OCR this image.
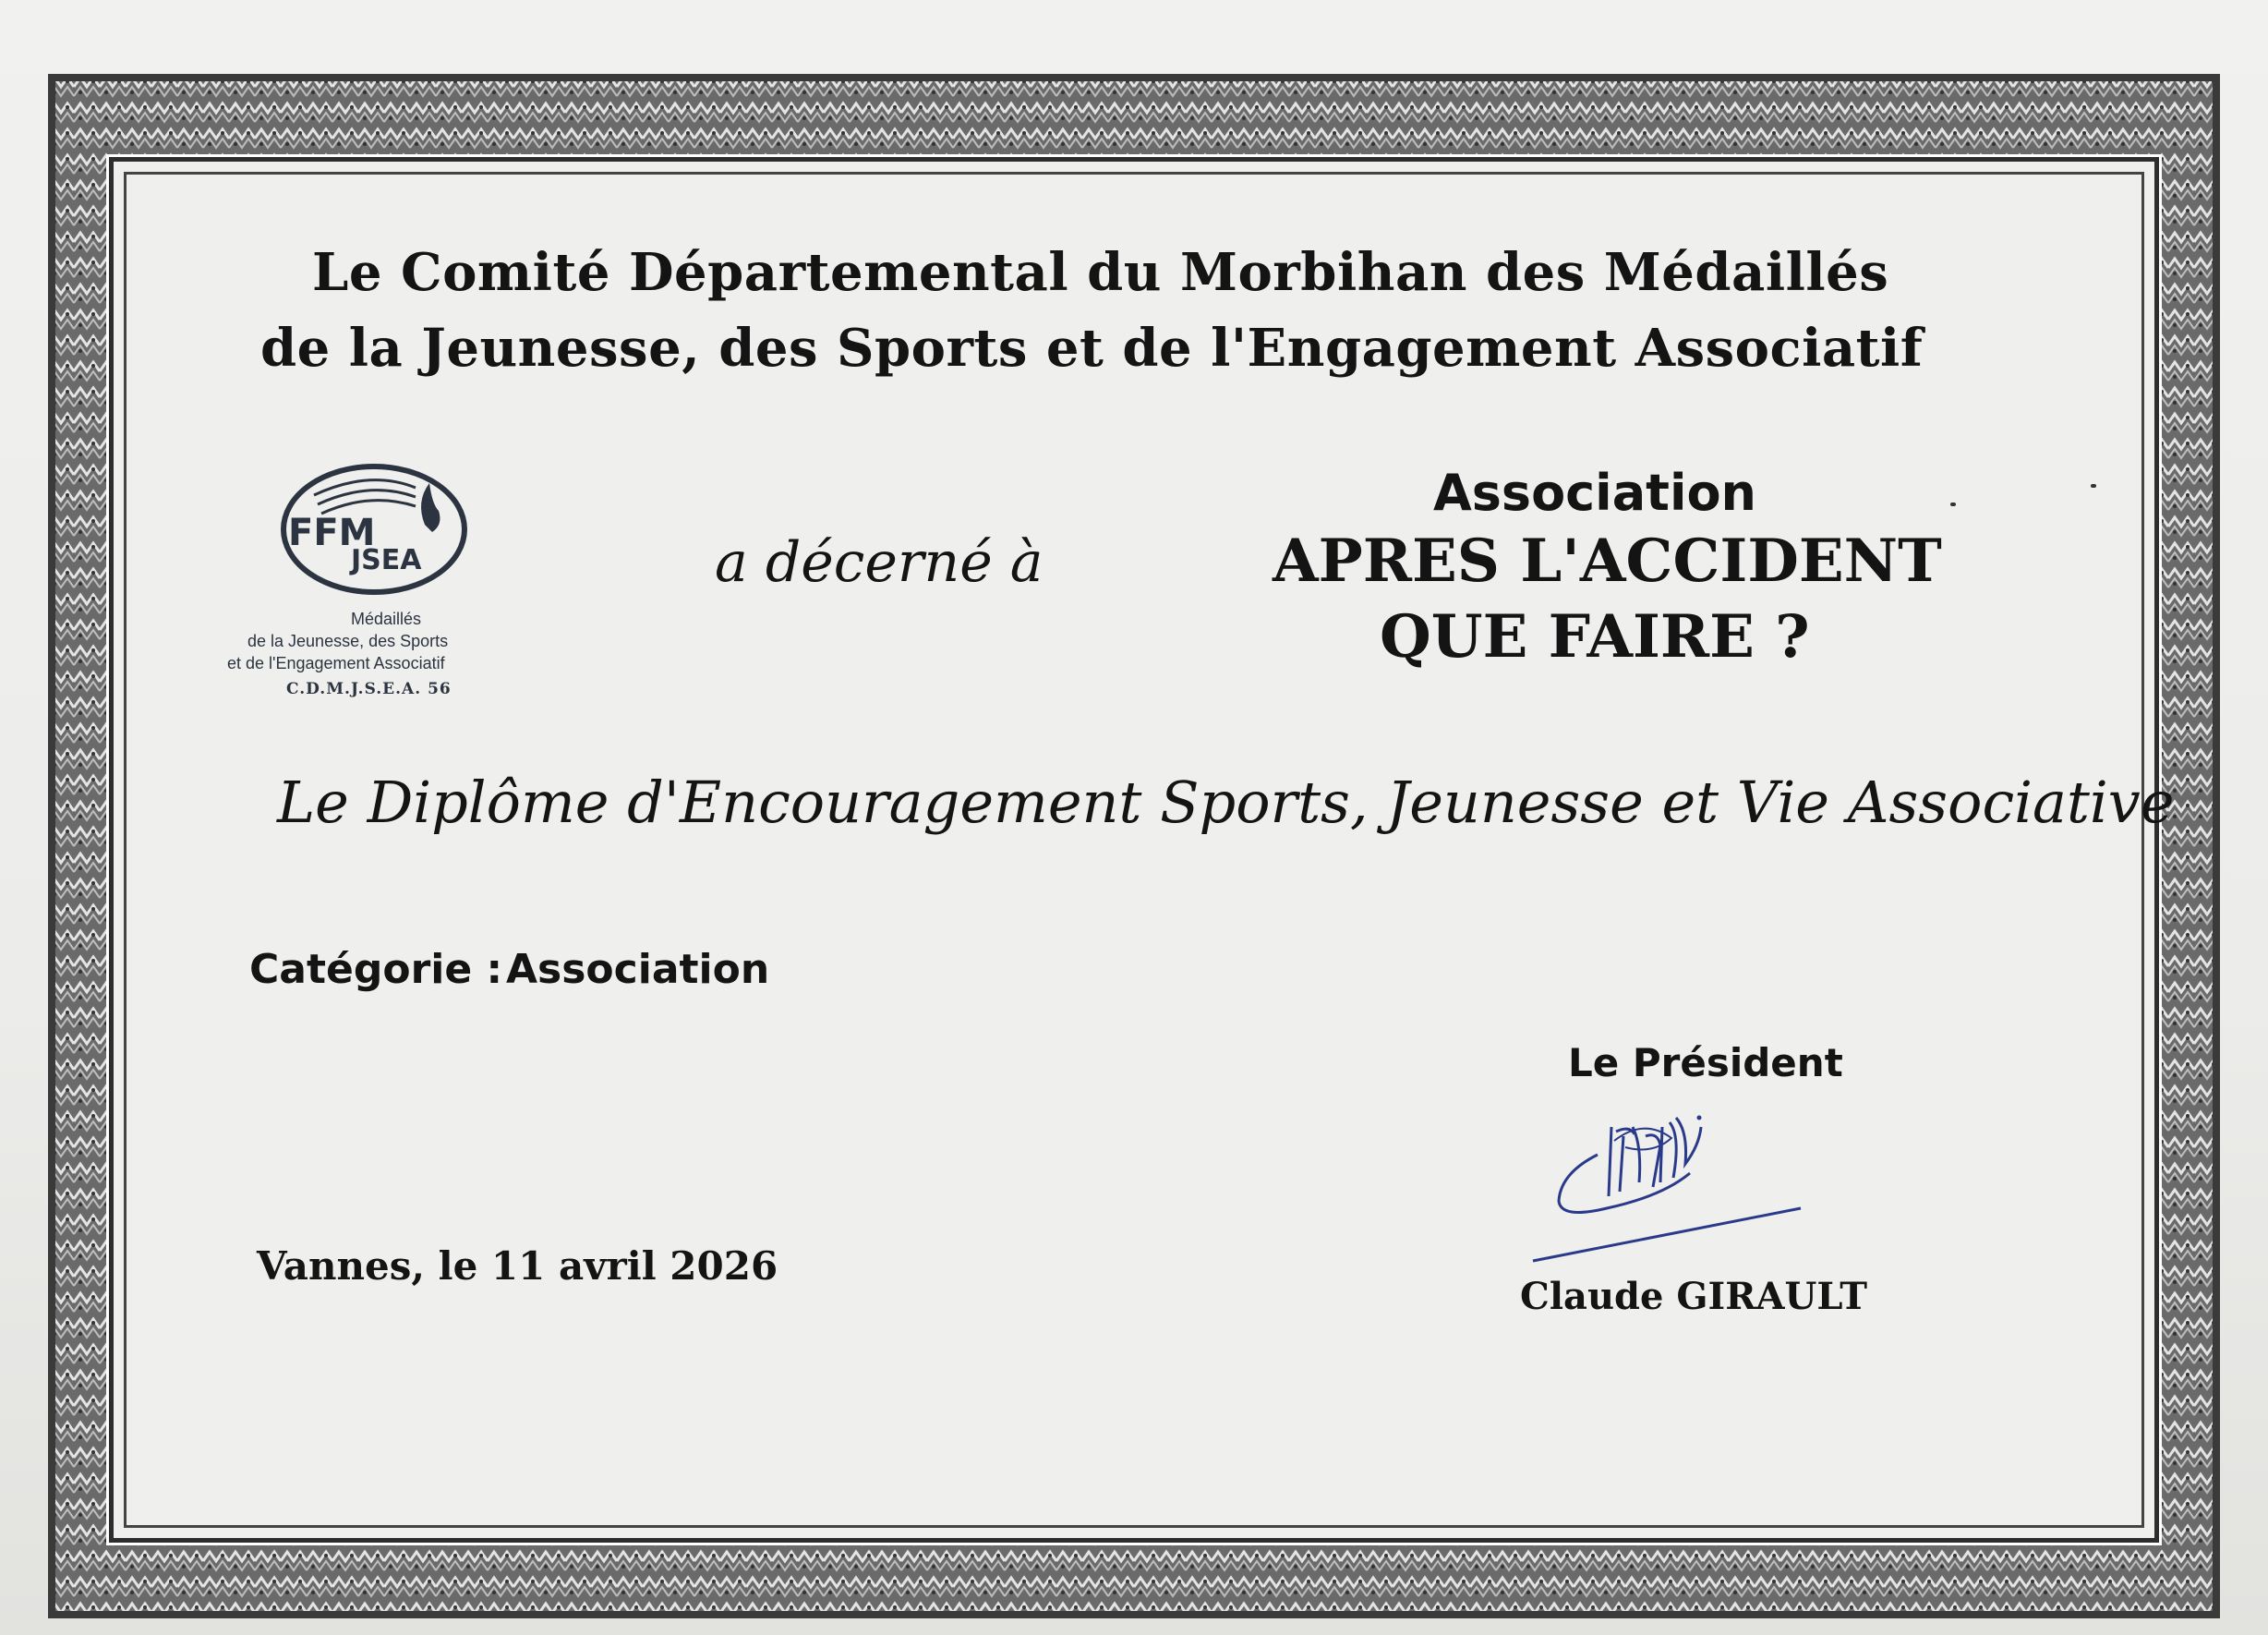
Le Comité Départemental du Morbihan des Médaillés
de la Jeunesse, des Sports et de l'Engagement Associatif
FFM
JSEA
Médaillés
de la Jeunesse, des Sports
et de l'Engagement Associatif
C.D.M.J.S.E.A. 56
a décerné à
Association
APRES L'ACCIDENT
QUE FAIRE ?
Le Diplôme d'Encouragement Sports, Jeunesse et Vie Associative
Catégorie : Association
Le Président
Claude GIRAULT
Vannes, le 11 avril 2026
